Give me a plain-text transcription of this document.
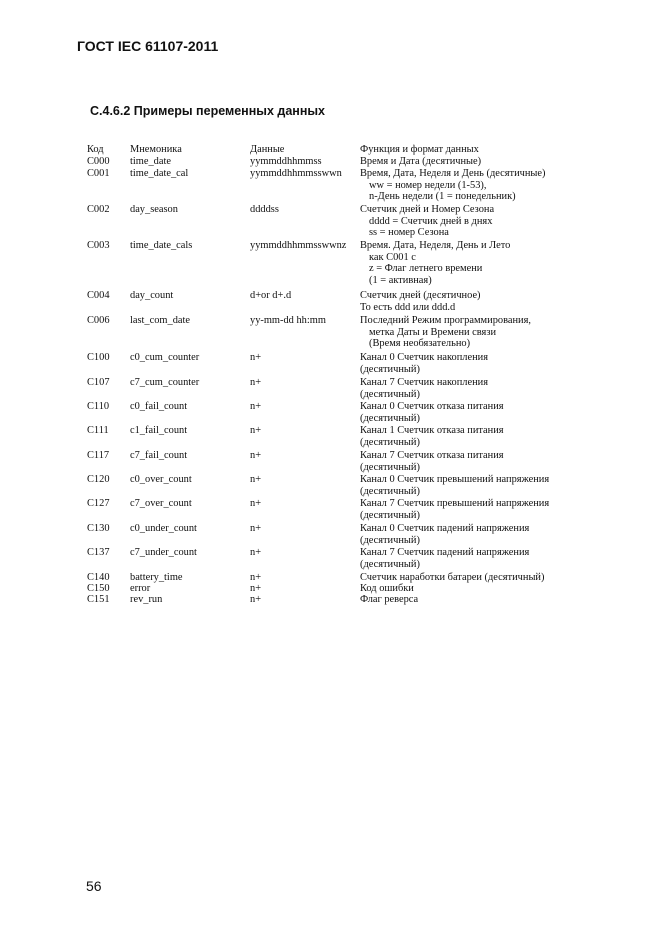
ГОСТ IEC 61107-2011
С.4.6.2 Примеры переменных данных
Код	Мнемоника	Данные	Функция и формат данных
C000 time_date	yymmddhhmmss	Время и Дата (десятичные)
C001 time_date_cal	yymmddhhmmsswwn Время, Дата, Неделя и День (десятичные)
ww = номер недели (1-53),
n-День недели (1 = понедельник)
C002 day_season	ddddss	Счетчик дней и Номер Сезона
dddd = Счетчик дней в днях
ss = номер Сезона
C003 time_date_cals	yymmddhhmmsswwnz Время. Дата, Неделя, День и Лето
как С001 с
z = Флаг летнего времени
(1 = активная)
C004 day_count	d+or d+.d	Счетчик дней (десятичное)
То есть ddd или ddd.d
C006 last_com_date	yy-mm-dd hh:mm	Последний Режим программирования,
метка Даты и Времени связи
(Время необязательно)
C100 c0_cum_counter	n+	Канал 0 Счетчик накопления
(десятичный)
C107 c7_cum_counter	n+	Канал 7 Счетчик накопления
(десятичный)
C110 c0_fail_count	n+	Канал 0 Счетчик отказа питания
(десятичный)
C111 c1_fail_count	n+	Канал 1 Счетчик отказа питания
(десятичный)
C117 c7_fail_count	n+	Канал 7 Счетчик отказа питания
(десятичный)
C120 c0_over_count	n+	Канал 0 Счетчик превышений напряжения
(десятичный)
C127 c7_over_count	n+	Канал 7 Счетчик превышений напряжения
(десятичный)
C130 c0_under_count	n+	Канал 0 Счетчик падений напряжения
(десятичный)
C137 c7_under_count	n+	Канал 7 Счетчик падений напряжения
(десятичный)
C140 battery_time	n+	Счетчик наработки батареи (десятичный)
C150 error	n+	Код ошибки
C151 rev_run	n+	Флаг реверса
56
